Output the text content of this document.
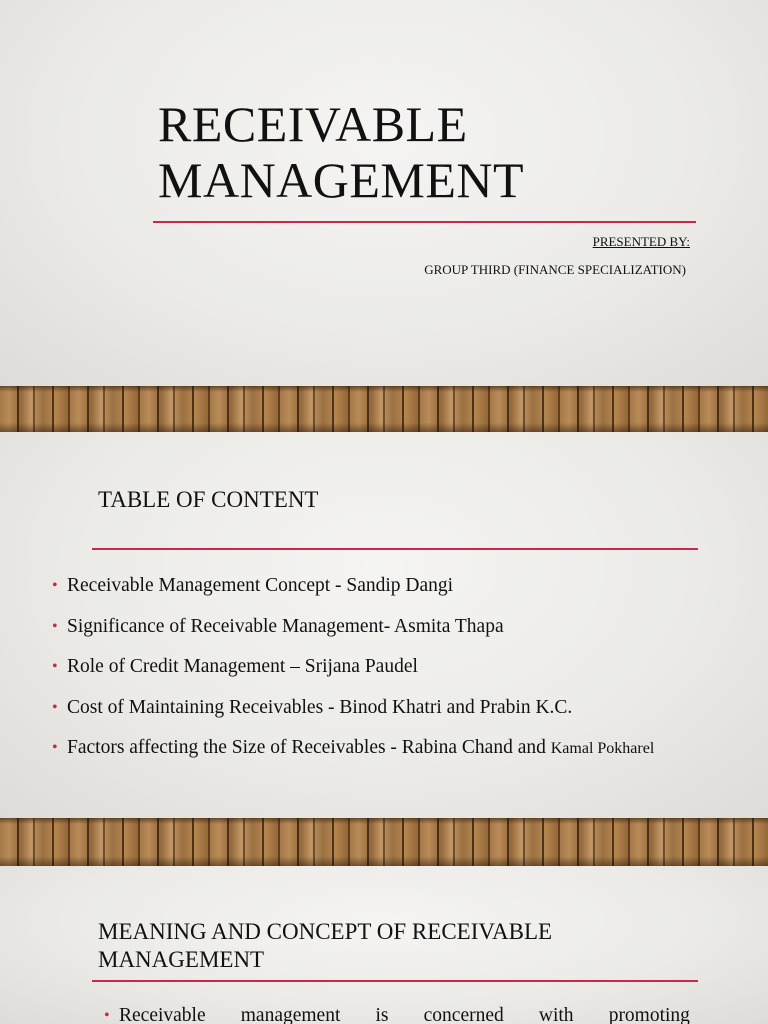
RECEIVABLE
MANAGEMENT

PRESENTED BY:

GROUP THIRD (FINANCE SPECIALIZATION)

TABLE OF CONTENT
• Receivable Management Concept - Sandip Dangi
• Significance of Receivable Management- Asmita Thapa
• Role of Credit Management – Srijana Paudel
• Cost of Maintaining Receivables - Binod Khatri and Prabin K.C.
• Factors affecting the Size of Receivables - Rabina Chand and Kamal Pokharel
MEANING AND CONCEPT OF RECEIVABLE
MANAGEMENT

• Receivable management is concerned with promoting
